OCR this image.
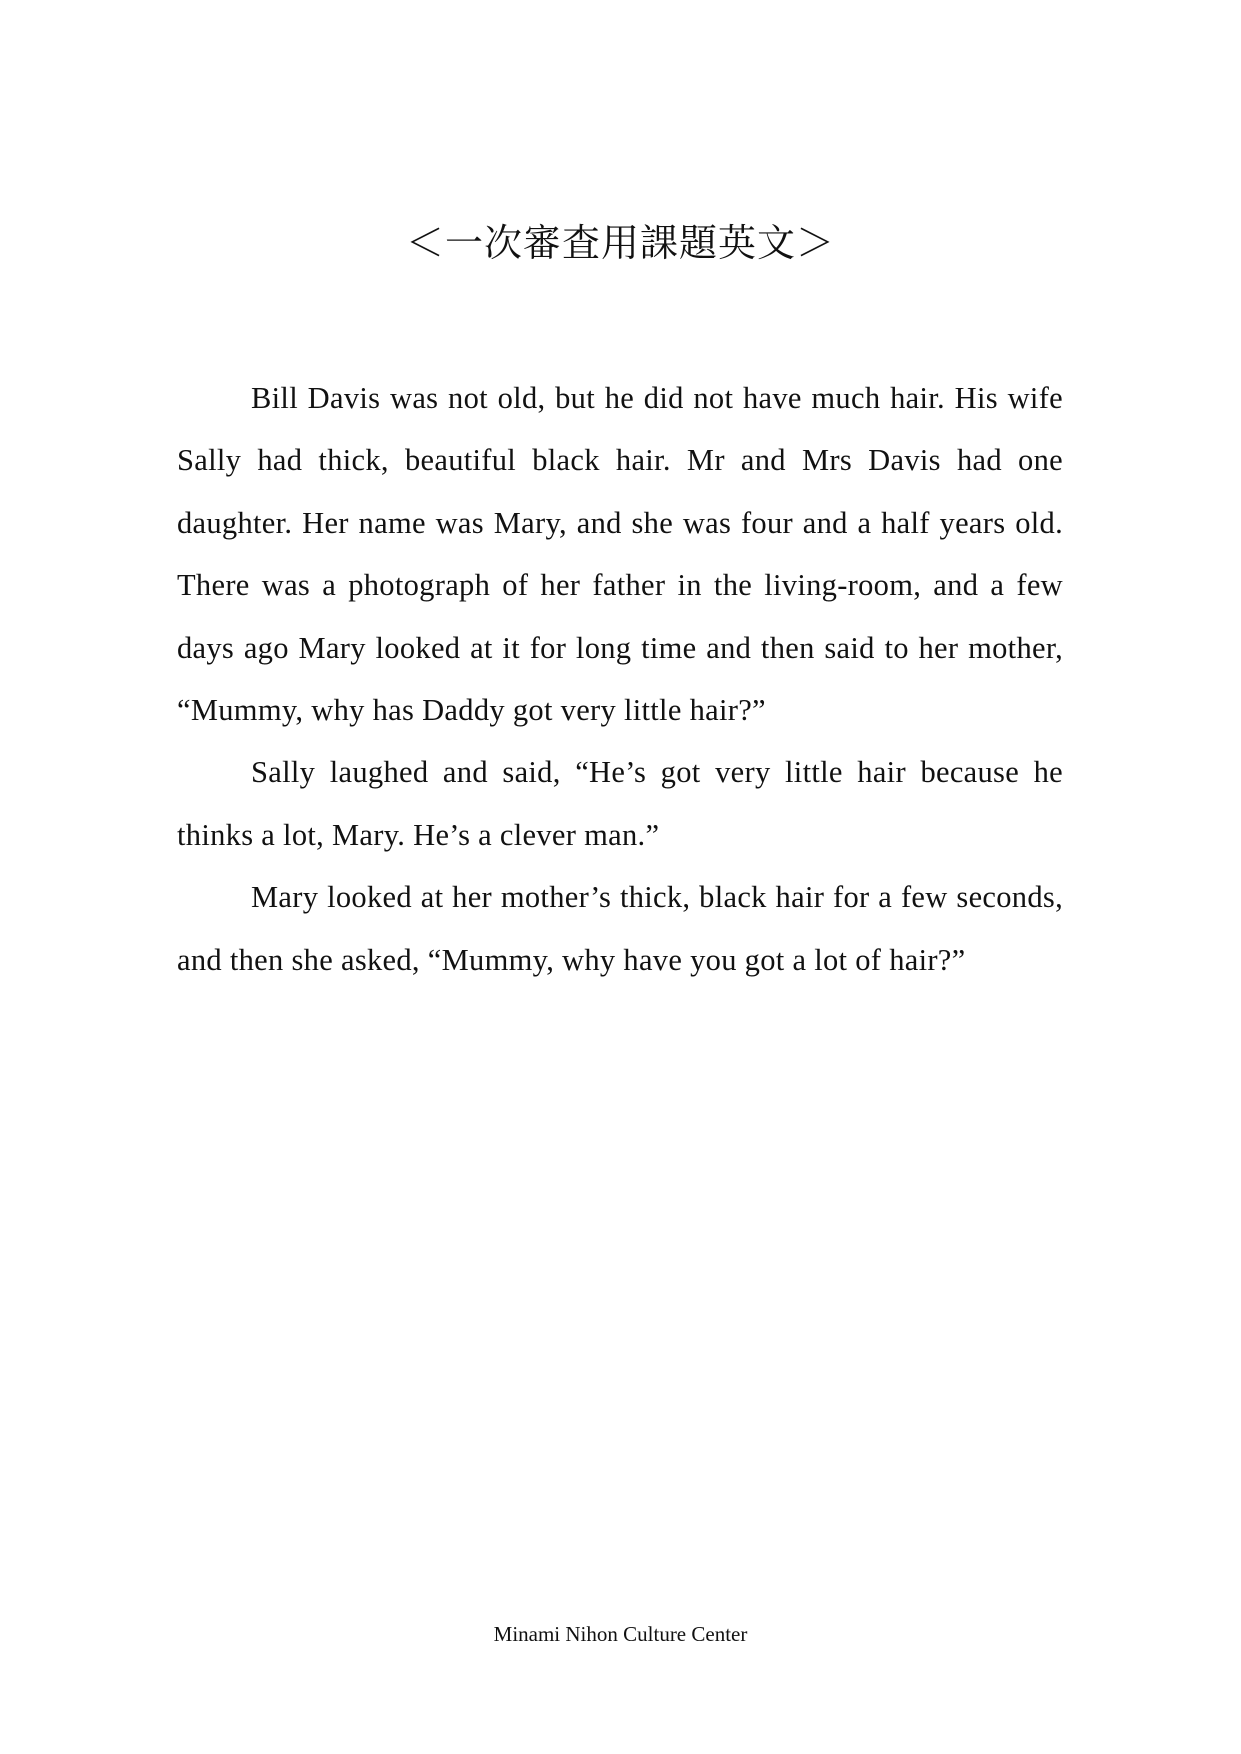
＜一次審査用課題英文＞

Bill Davis was not old, but he did not have much hair. His wife Sally had thick, beautiful black hair. Mr and Mrs Davis had one daughter. Her name was Mary, and she was four and a half years old. There was a photograph of her father in the living-room, and a few days ago Mary looked at it for long time and then said to her mother, “Mummy, why has Daddy got very little hair?”

Sally laughed and said, “He’s got very little hair because he thinks a lot, Mary. He’s a clever man.”

Mary looked at her mother’s thick, black hair for a few seconds, and then she asked, “Mummy, why have you got a lot of hair?”

Minami Nihon Culture Center
